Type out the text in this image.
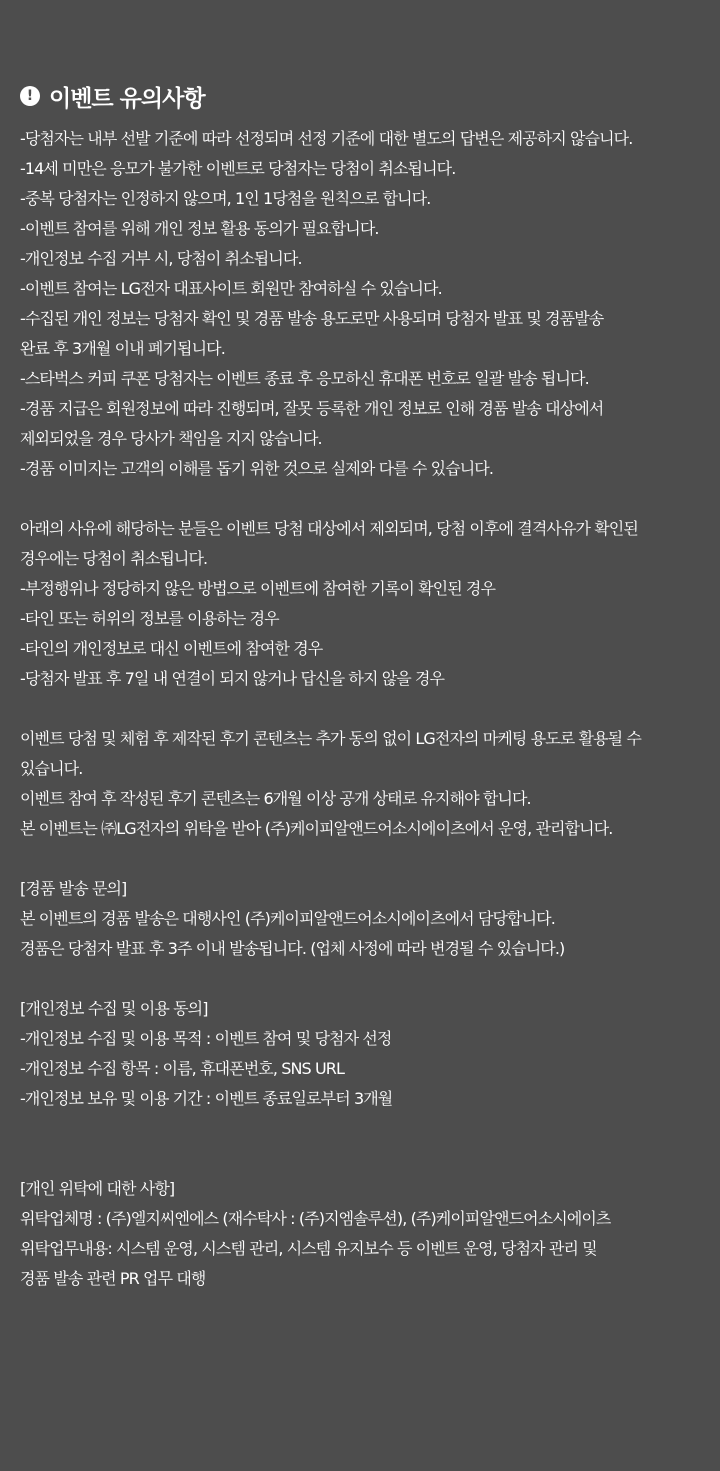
! 이벤트 유의사항
-당첨자는 내부 선발 기준에 따라 선정되며 선정 기준에 대한 별도의 답변은 제공하지 않습니다.
-14세 미만은 응모가 불가한 이벤트로 당첨자는 당첨이 취소됩니다.
-중복 당첨자는 인정하지 않으며, 1인 1당첨을 원칙으로 합니다.
-이벤트 참여를 위해 개인 정보 활용 동의가 필요합니다.
-개인정보 수집 거부 시, 당첨이 취소됩니다.
-이벤트 참여는 LG전자 대표사이트 회원만 참여하실 수 있습니다.
-수집된 개인 정보는 당첨자 확인 및 경품 발송 용도로만 사용되며 당첨자 발표 및 경품발송
완료 후 3개월 이내 폐기됩니다.
-스타벅스 커피 쿠폰 당첨자는 이벤트 종료 후 응모하신 휴대폰 번호로 일괄 발송 됩니다.
-경품 지급은 회원정보에 따라 진행되며, 잘못 등록한 개인 정보로 인해 경품 발송 대상에서
제외되었을 경우 당사가 책임을 지지 않습니다.
-경품 이미지는 고객의 이해를 돕기 위한 것으로 실제와 다를 수 있습니다.
아래의 사유에 해당하는 분들은 이벤트 당첨 대상에서 제외되며, 당첨 이후에 결격사유가 확인된
경우에는 당첨이 취소됩니다.
-부정행위나 정당하지 않은 방법으로 이벤트에 참여한 기록이 확인된 경우
-타인 또는 허위의 정보를 이용하는 경우
-타인의 개인정보로 대신 이벤트에 참여한 경우
-당첨자 발표 후 7일 내 연결이 되지 않거나 답신을 하지 않을 경우
이벤트 당첨 및 체험 후 제작된 후기 콘텐츠는 추가 동의 없이 LG전자의 마케팅 용도로 활용될 수
있습니다.
이벤트 참여 후 작성된 후기 콘텐츠는 6개월 이상 공개 상태로 유지해야 합니다.
본 이벤트는 ㈜LG전자의 위탁을 받아 (주)케이피알앤드어소시에이츠에서 운영, 관리합니다.
[경품 발송 문의]
본 이벤트의 경품 발송은 대행사인 (주)케이피알앤드어소시에이츠에서 담당합니다.
경품은 당첨자 발표 후 3주 이내 발송됩니다. (업체 사정에 따라 변경될 수 있습니다.)
[개인정보 수집 및 이용 동의]
-개인정보 수집 및 이용 목적 : 이벤트 참여 및 당첨자 선정
-개인정보 수집 항목 : 이름, 휴대폰번호, SNS URL
-개인정보 보유 및 이용 기간 : 이벤트 종료일로부터 3개월
[개인 위탁에 대한 사항]
위탁업체명 : (주)엘지씨엔에스 (재수탁사 : (주)지엠솔루션), (주)케이피알앤드어소시에이츠
위탁업무내용: 시스템 운영, 시스템 관리, 시스템 유지보수 등 이벤트 운영, 당첨자 관리 및
경품 발송 관련 PR 업무 대행
